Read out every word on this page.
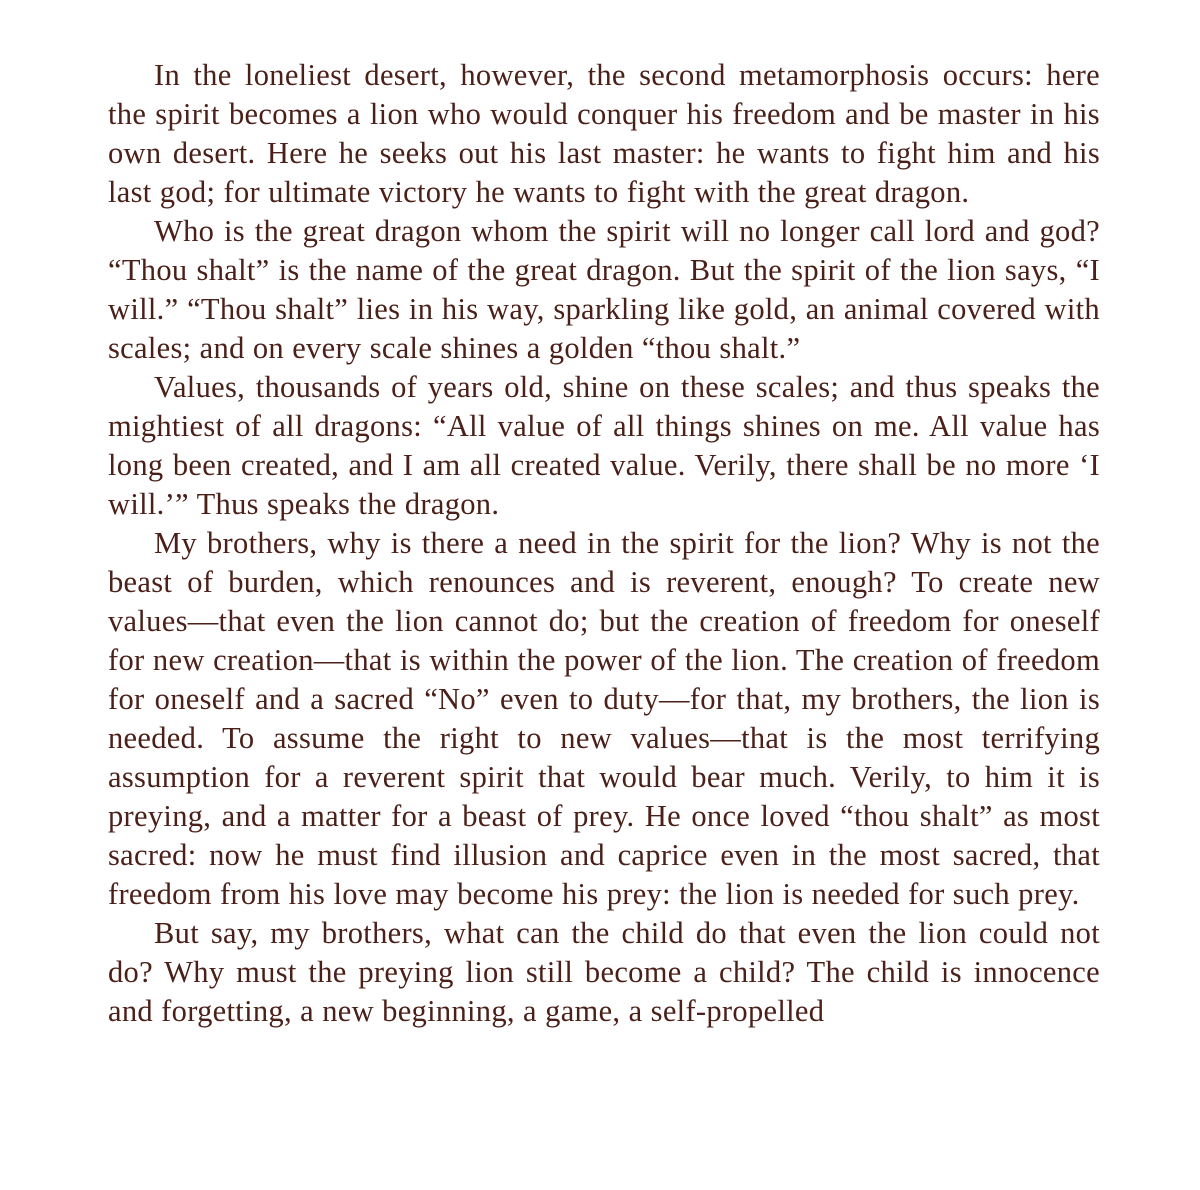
In the loneliest desert, however, the second metamorphosis occurs: here the spirit becomes a lion who would conquer his freedom and be master in his own desert. Here he seeks out his last master: he wants to fight him and his last god; for ultimate victory he wants to fight with the great dragon.

Who is the great dragon whom the spirit will no longer call lord and god? “Thou shalt” is the name of the great dragon. But the spirit of the lion says, “I will.” “Thou shalt” lies in his way, sparkling like gold, an animal covered with scales; and on every scale shines a golden “thou shalt.”

Values, thousands of years old, shine on these scales; and thus speaks the mightiest of all dragons: “All value of all things shines on me. All value has long been created, and I am all created value. Verily, there shall be no more ‘I will.’” Thus speaks the dragon.

My brothers, why is there a need in the spirit for the lion? Why is not the beast of burden, which renounces and is reverent, enough? To create new values—that even the lion cannot do; but the creation of freedom for oneself for new creation—that is within the power of the lion. The creation of freedom for oneself and a sacred “No” even to duty—for that, my brothers, the lion is needed. To assume the right to new values—that is the most terrifying assumption for a reverent spirit that would bear much. Verily, to him it is preying, and a matter for a beast of prey. He once loved “thou shalt” as most sacred: now he must find illusion and caprice even in the most sacred, that freedom from his love may become his prey: the lion is needed for such prey.

But say, my brothers, what can the child do that even the lion could not do? Why must the preying lion still become a child? The child is innocence and forgetting, a new beginning, a game, a self-propelled
